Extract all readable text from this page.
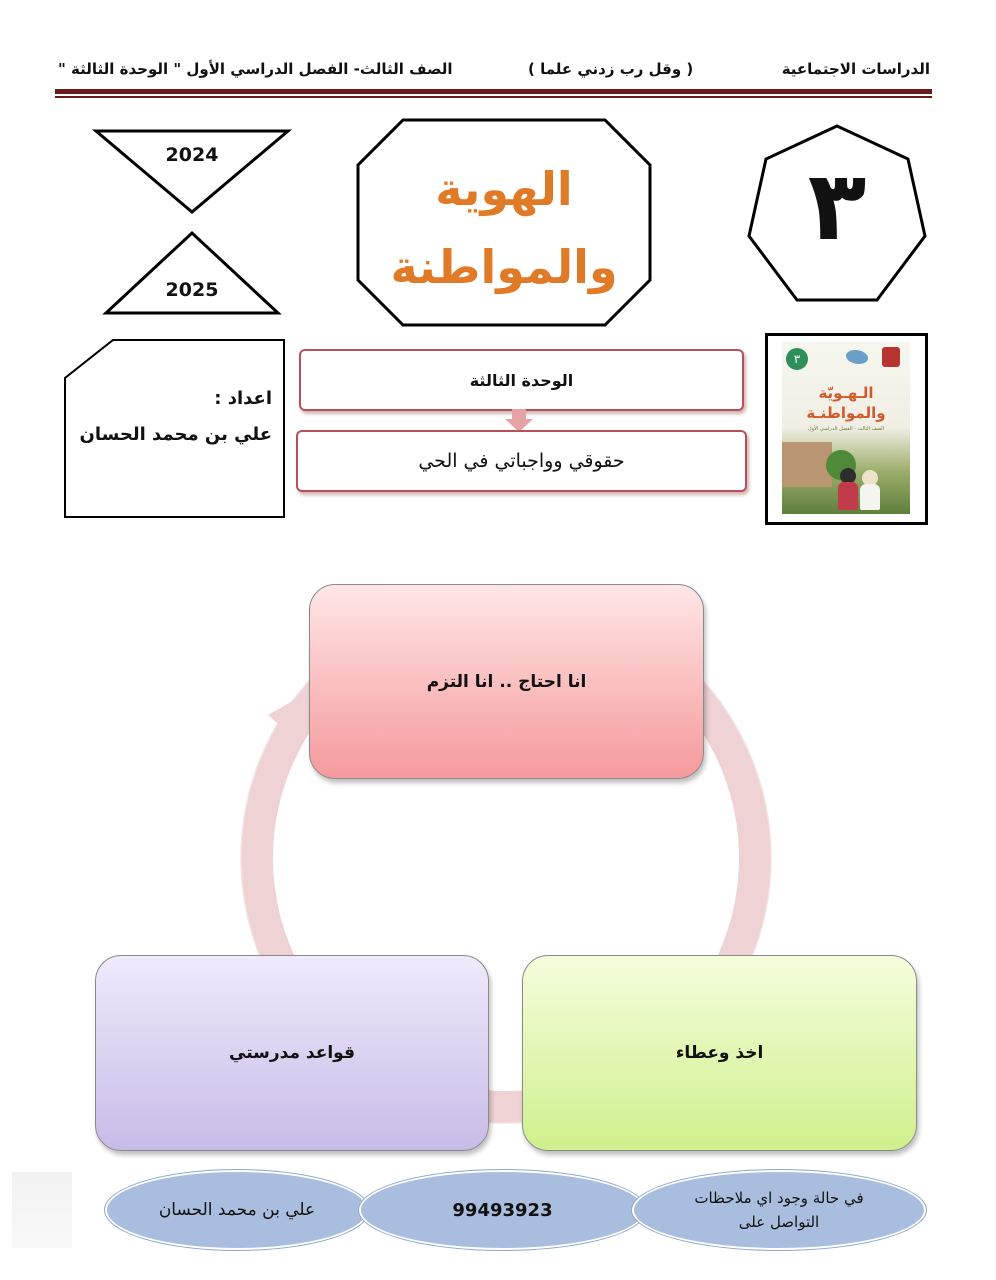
الدراسات الاجتماعية
( وقل رب زدني علما )
الصف الثالث- الفصل الدراسي الأول " الوحدة الثالثة "
2024
2025
الهوية
والمواطنة
٣
اعداد :
علي بن محمد الحسان
الوحدة الثالثة
حقوقي وواجباتي في الحي
٣
الـهـويّة
والمواطنـة
الصف الثالث - الفصل الدراسي الأول
انا احتاج .. انا التزم
قواعد مدرستي	اخذ وعطاء
علي بن محمد الحسان	99493923
في حالة وجود اي ملاحظات التواصل على
